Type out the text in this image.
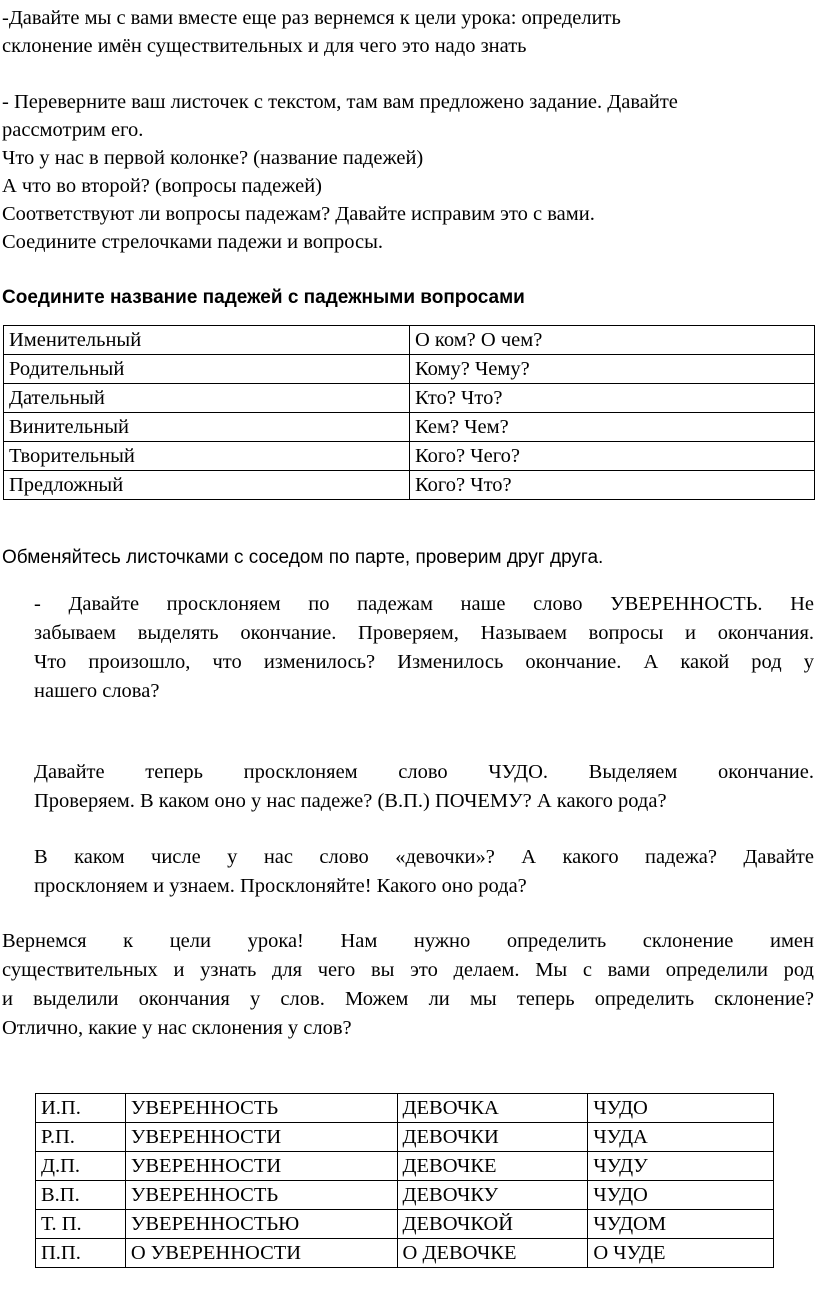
-Давайте мы с вами вместе еще раз вернемся к цели урока: определить
склонение имён существительных и для чего это надо знать
- Переверните ваш листочек с текстом, там вам предложено задание. Давайте
рассмотрим его.
Что у нас в первой колонке? (название падежей)
А что во второй? (вопросы падежей)
Соответствуют ли вопросы падежам? Давайте исправим это с вами.
Соедините стрелочками падежи и вопросы.
Соедините название падежей с падежными вопросами
Именительный	О ком? О чем?
Родительный	Кому? Чему?
Дательный	Кто? Что?
Винительный	Кем? Чем?
Творительный	Кого? Чего?
Предложный	Кого? Что?
Обменяйтесь листочками с соседом по парте, проверим друг друга.
- Давайте просклоняем по падежам наше слово УВЕРЕННОСТЬ. Не
забываем выделять окончание. Проверяем, Называем вопросы и окончания.
Что произошло, что изменилось? Изменилось окончание. А какой род у
нашего слова?
Давайте теперь просклоняем слово ЧУДО. Выделяем окончание.
Проверяем. В каком оно у нас падеже? (В.П.) ПОЧЕМУ? А какого рода?
В каком числе у нас слово «девочки»? А какого падежа? Давайте
просклоняем и узнаем. Просклоняйте! Какого оно рода?
Вернемся к цели урока! Нам нужно определить склонение имен
существительных и узнать для чего вы это делаем. Мы с вами определили род
и выделили окончания у слов. Можем ли мы теперь определить склонение?
Отлично, какие у нас склонения у слов?
И.П.	УВЕРЕННОСТЬ	ДЕВОЧКА	ЧУДО
Р.П.	УВЕРЕННОСТИ	ДЕВОЧКИ	ЧУДА
Д.П.	УВЕРЕННОСТИ	ДЕВОЧКЕ	ЧУДУ
В.П.	УВЕРЕННОСТЬ	ДЕВОЧКУ	ЧУДО
Т. П.	УВЕРЕННОСТЬЮ	ДЕВОЧКОЙ	ЧУДОМ
П.П.	О УВЕРЕННОСТИ	О ДЕВОЧКЕ	О ЧУДЕ
